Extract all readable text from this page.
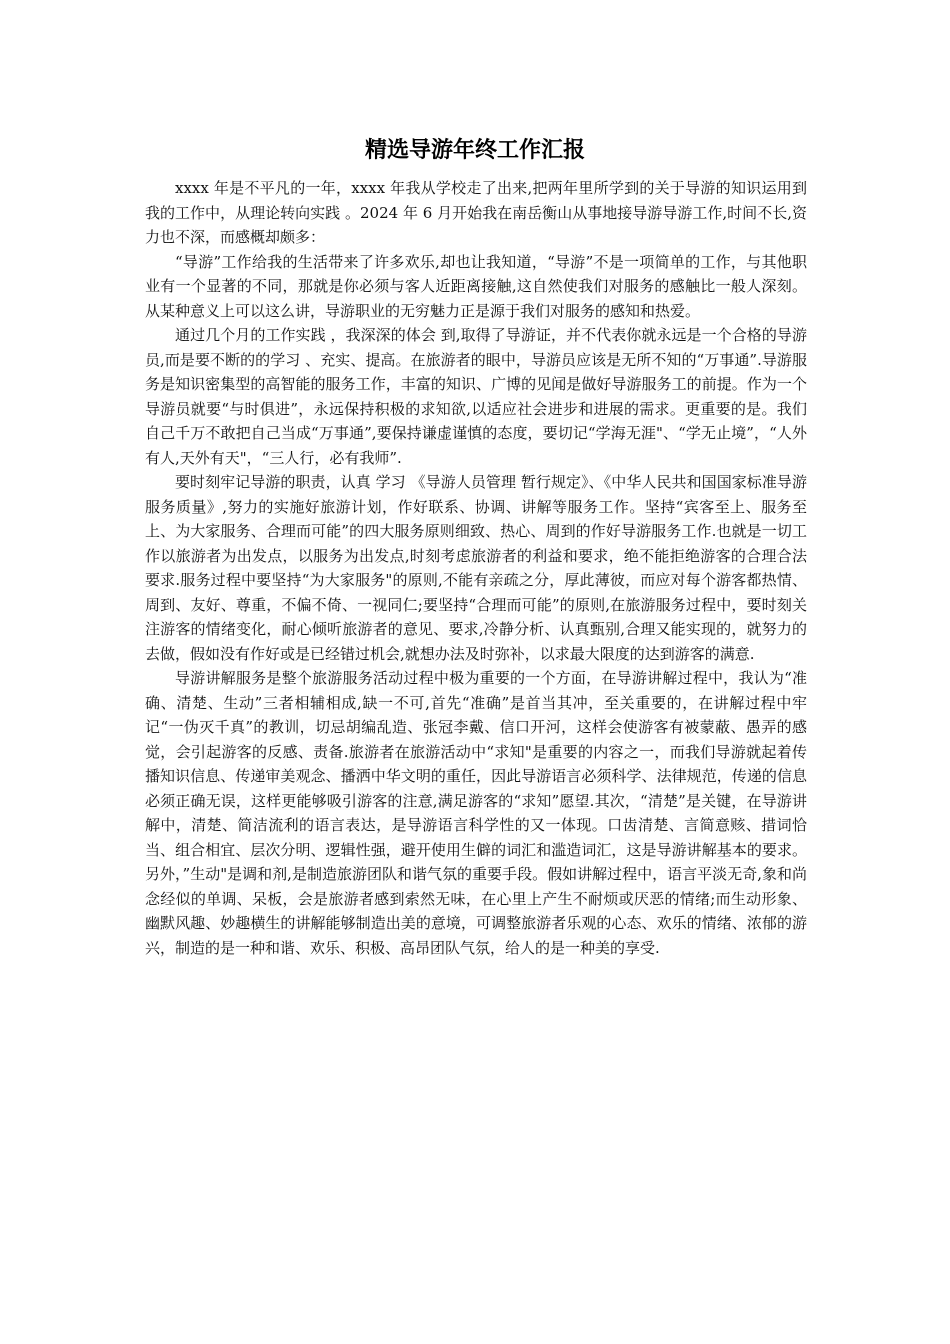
精选导游年终工作汇报

xxxx 年是不平凡的一年，xxxx 年我从学校走了出来,把两年里所学到的关于导游的知识运用到我的工作中，从理论转向实践 。2024 年 6 月开始我在南岳衡山从事地接导游导游工作,时间不长,资力也不深，而感概却颇多：

“导游”工作给我的生活带来了许多欢乐,却也让我知道，“导游”不是一项简单的工作，与其他职业有一个显著的不同，那就是你必须与客人近距离接触,这自然使我们对服务的感触比一般人深刻。从某种意义上可以这么讲，导游职业的无穷魅力正是源于我们对服务的感知和热爱。

通过几个月的工作实践 ，我深深的体会 到,取得了导游证，并不代表你就永远是一个合格的导游员,而是要不断的的学习 、充实、提高。在旅游者的眼中，导游员应该是无所不知的“万事通”.导游服务是知识密集型的高智能的服务工作，丰富的知识、广博的见闻是做好导游服务工的前提。作为一个导游员就要“与时俱进”，永远保持积极的求知欲,以适应社会进步和进展的需求。更重要的是。我们自己千万不敢把自己当成“万事通”,要保持谦虚谨慎的态度，要切记“学海无涯"、“学无止境”，“人外有人,天外有天"，“三人行，必有我师”.

要时刻牢记导游的职责，认真 学习 《导游人员管理 暂行规定》、《中华人民共和国国家标准导游服务质量》,努力的实施好旅游计划，作好联系、协调、讲解等服务工作。坚持“宾客至上、服务至上、为大家服务、合理而可能”的四大服务原则细致、热心、周到的作好导游服务工作.也就是一切工作以旅游者为出发点，以服务为出发点,时刻考虑旅游者的利益和要求，绝不能拒绝游客的合理合法要求.服务过程中要坚持“为大家服务"的原则,不能有亲疏之分，厚此薄彼，而应对每个游客都热情、周到、友好、尊重，不偏不倚、一视同仁;要坚持“合理而可能”的原则,在旅游服务过程中，要时刻关注游客的情绪变化，耐心倾听旅游者的意见、要求,冷静分析、认真甄别,合理又能实现的，就努力的去做，假如没有作好或是已经错过机会,就想办法及时弥补，以求最大限度的达到游客的满意.

导游讲解服务是整个旅游服务活动过程中极为重要的一个方面，在导游讲解过程中，我认为“准确、清楚、生动”三者相辅相成,缺一不可,首先“准确”是首当其冲，至关重要的，在讲解过程中牢记“一伪灭千真”的教训，切忌胡编乱造、张冠李戴、信口开河，这样会使游客有被蒙蔽、愚弄的感觉，会引起游客的反感、责备.旅游者在旅游活动中“求知"是重要的内容之一，而我们导游就起着传播知识信息、传递审美观念、播洒中华文明的重任，因此导游语言必须科学、法律规范，传递的信息必须正确无误，这样更能够吸引游客的注意,满足游客的“求知”愿望.其次，“清楚”是关键，在导游讲解中，清楚、简洁流利的语言表达，是导游语言科学性的又一体现。口齿清楚、言简意赅、措词恰当、组合相宜、层次分明、逻辑性强，避开使用生僻的词汇和滥造词汇，这是导游讲解基本的要求。另外，”生动"是调和剂,是制造旅游团队和谐气氛的重要手段。假如讲解过程中，语言平淡无奇,象和尚念经似的单调、呆板，会是旅游者感到索然无味，在心里上产生不耐烦或厌恶的情绪;而生动形象、幽默风趣、妙趣横生的讲解能够制造出美的意境，可调整旅游者乐观的心态、欢乐的情绪、浓郁的游兴，制造的是一种和谐、欢乐、积极、高昂团队气氛，给人的是一种美的享受.
